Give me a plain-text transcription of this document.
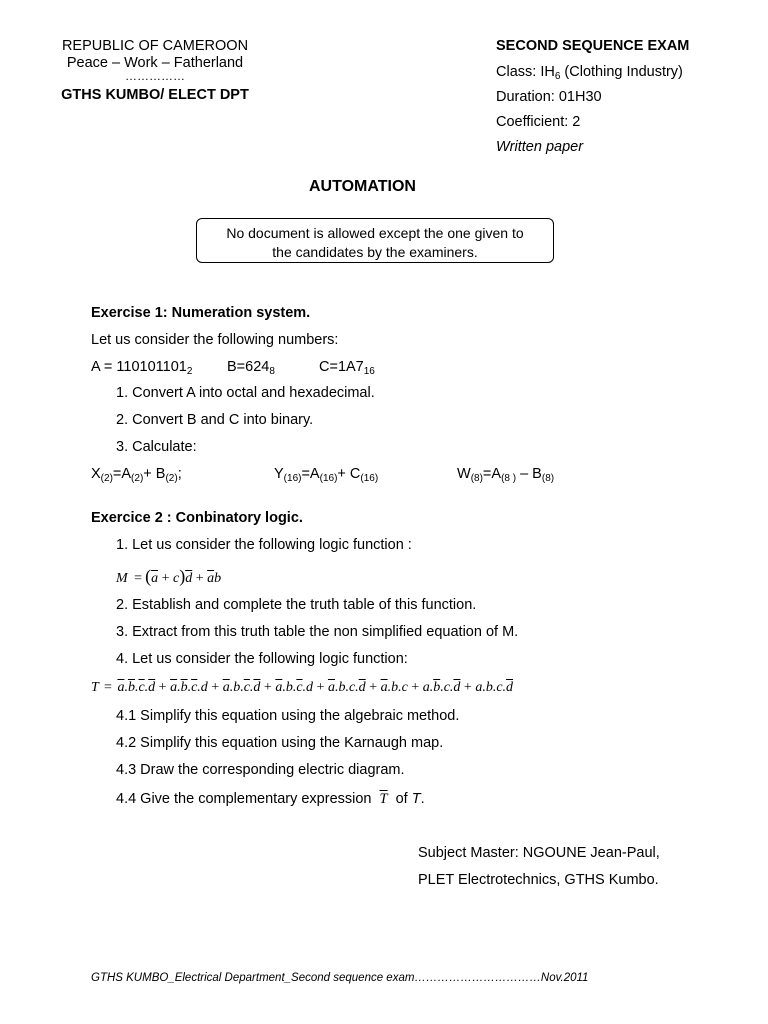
REPUBLIC OF CAMEROON
Peace – Work – Fatherland
……………
GTHS KUMBO/ ELECT DPT
SECOND SEQUENCE EXAM
Class: $IH_6$ (Clothing Industry)
Duration: 01H30
Coefficient: 2
Written paper
AUTOMATION
No document is allowed except the one given to
the candidates by the examiners.
Exercise 1: Numeration system.
Let us consider the following numbers:
$A = 110101101_2$ $B=624_8$	$C=1A7_{16}$
1. Convert A into octal and hexadecimal.
2. Convert B and C into binary.
3. Calculate:
$X_{(2)}=A_{(2)}+ B_{(2)}$;	$Y_{(16)}=A_{(16)}+ C_{(16)}$	$W_{(8)}=A_{(8 )} - B_{(8)}$
Exercice 2 : Conbinatory logic.
1. Let us consider the following logic function :
$M = (\overline{a} + c)\overline{d} + \overline{a}b$
2. Establish and complete the truth table of this function.
3. Extract from this truth table the non simplified equation of M.
4. Let us consider the following logic function:
$T = \overline{a}.\overline{b}.\overline{c}.\overline{d} + \overline{a}.\overline{b}.\overline{c}.d + \overline{a}.b.\overline{c}.\overline{d} + \overline{a}.b.\overline{c}.d + \overline{a}.b.c.\overline{d} + \overline{a}.b.c + a.\overline{b}.c.\overline{d} + a.b.c.\overline{d}$
4.1 Simplify this equation using the algebraic method.
4.2 Simplify this equation using the Karnaugh map.
4.3 Draw the corresponding electric diagram.
4.4 Give the complementary expression $\overline{T}$ of T.
Subject Master: NGOUNE Jean-Paul,
PLET Electrotechnics, GTHS Kumbo.
GTHS KUMBO_Electrical Department_Second sequence exam……………………………Nov.2011
